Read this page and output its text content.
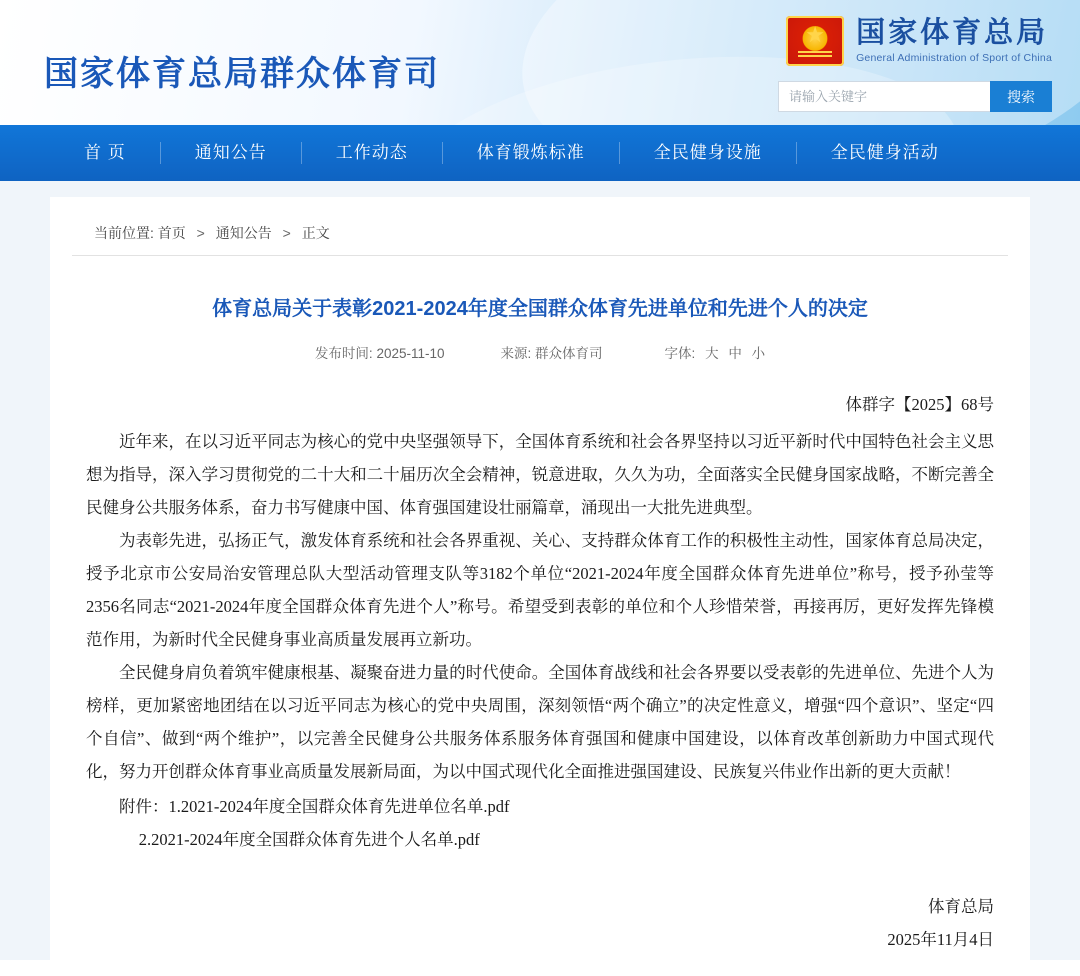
国家体育总局群众体育司
★
国家体育总局
General Administration of Sport of China
请输入关键字
搜索
首 页	通知公告	工作动态	体育锻炼标准	全民健身设施	全民健身活动
当前位置: 首页 > 通知公告 > 正文
体育总局关于表彰2021-2024年度全国群众体育先进单位和先进个人的决定
发布时间: 2025-11-10	来源: 群众体育司	字体: 大 中 小
体群字【2025】68号

近年来，在以习近平同志为核心的党中央坚强领导下，全国体育系统和社会各界坚持以习近平新时代中国特色社会主义思想为指导，深入学习贯彻党的二十大和二十届历次全会精神，锐意进取，久久为功，全面落实全民健身国家战略，不断完善全民健身公共服务体系，奋力书写健康中国、体育强国建设壮丽篇章，涌现出一大批先进典型。

为表彰先进，弘扬正气，激发体育系统和社会各界重视、关心、支持群众体育工作的积极性主动性，国家体育总局决定，授予北京市公安局治安管理总队大型活动管理支队等3182个单位“2021-2024年度全国群众体育先进单位”称号，授予孙莹等2356名同志“2021-2024年度全国群众体育先进个人”称号。希望受到表彰的单位和个人珍惜荣誉，再接再厉，更好发挥先锋模范作用，为新时代全民健身事业高质量发展再立新功。

全民健身肩负着筑牢健康根基、凝聚奋进力量的时代使命。全国体育战线和社会各界要以受表彰的先进单位、先进个人为榜样，更加紧密地团结在以习近平同志为核心的党中央周围，深刻领悟“两个确立”的决定性意义，增强“四个意识”、坚定“四个自信”、做到“两个维护”，以完善全民健身公共服务体系服务体育强国和健康中国建设，以体育改革创新助力中国式现代化，努力开创群众体育事业高质量发展新局面，为以中国式现代化全面推进强国建设、民族复兴伟业作出新的更大贡献！

附件：1.2021-2024年度全国群众体育先进单位名单.pdf

2.2021-2024年度全国群众体育先进个人名单.pdf

体育总局
2025年11月4日
